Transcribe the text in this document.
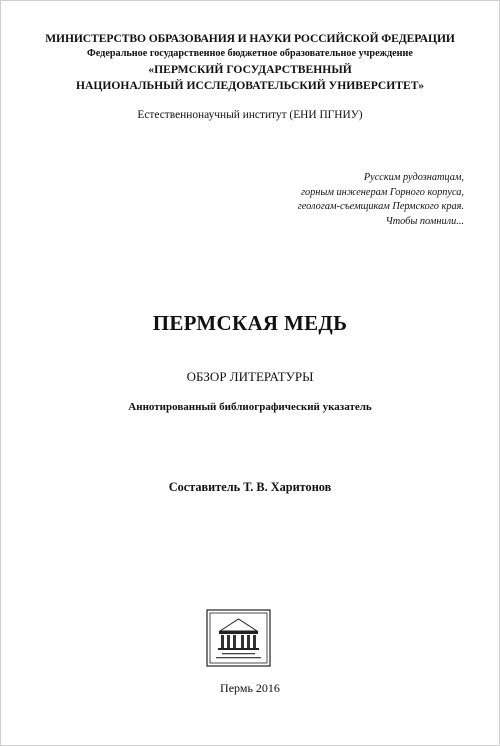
МИНИСТЕРСТВО ОБРАЗОВАНИЯ И НАУКИ РОССИЙСКОЙ ФЕДЕРАЦИИ
Федеральное государственное бюджетное образовательное учреждение
«ПЕРМСКИЙ ГОСУДАРСТВЕННЫЙ
НАЦИОНАЛЬНЫЙ ИССЛЕДОВАТЕЛЬСКИЙ УНИВЕРСИТЕТ»
Естественнонаучный институт (ЕНИ ПГНИУ)
Русским рудознатцам,
горным инженерам Горного корпуса,
геологам-съемщикам Пермского края.
Чтобы помнили...
ПЕРМСКАЯ МЕДЬ
ОБЗОР ЛИТЕРАТУРЫ
Аннотированный библиографический указатель
Составитель Т. В. Харитонов
Пермь 2016
